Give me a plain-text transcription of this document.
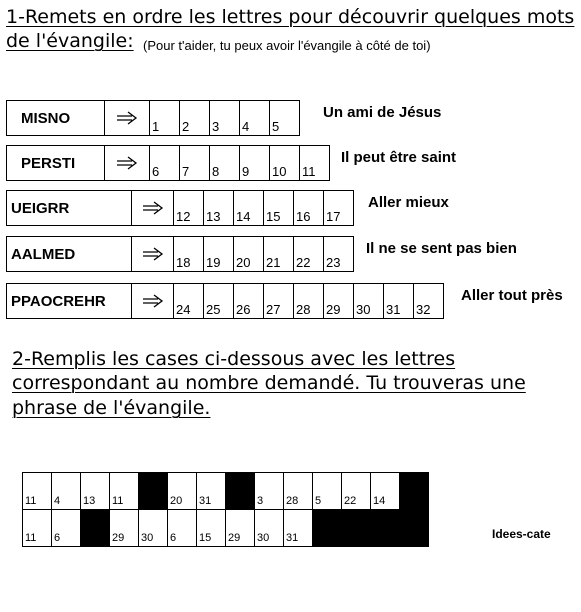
1-Remets en ordre les lettres pour découvrir quelques mots
de l'évangile: (Pour t'aider, tu peux avoir l'évangile à côté de toi)
MISNO	1 2 3 4 5
Un ami de Jésus
PERSTI	6 7 8 9 10 11
Il peut être saint
UEIGRR	12 13 14 15 16 17
Aller mieux
AALMED	18 19 20 21 22 23
Il ne se sent pas bien
PPAOCREHR	24 25 26 27 28 29 30 31 32
Aller tout près
2-Remplis les cases ci-dessous avec les lettres
correspondant au nombre demandé. Tu trouveras une
phrase de l'évangile.
11 4 13 11	20 31	3 28 5 22 14
11 6	29 30 6 15 29 30 31	Idees-cate
